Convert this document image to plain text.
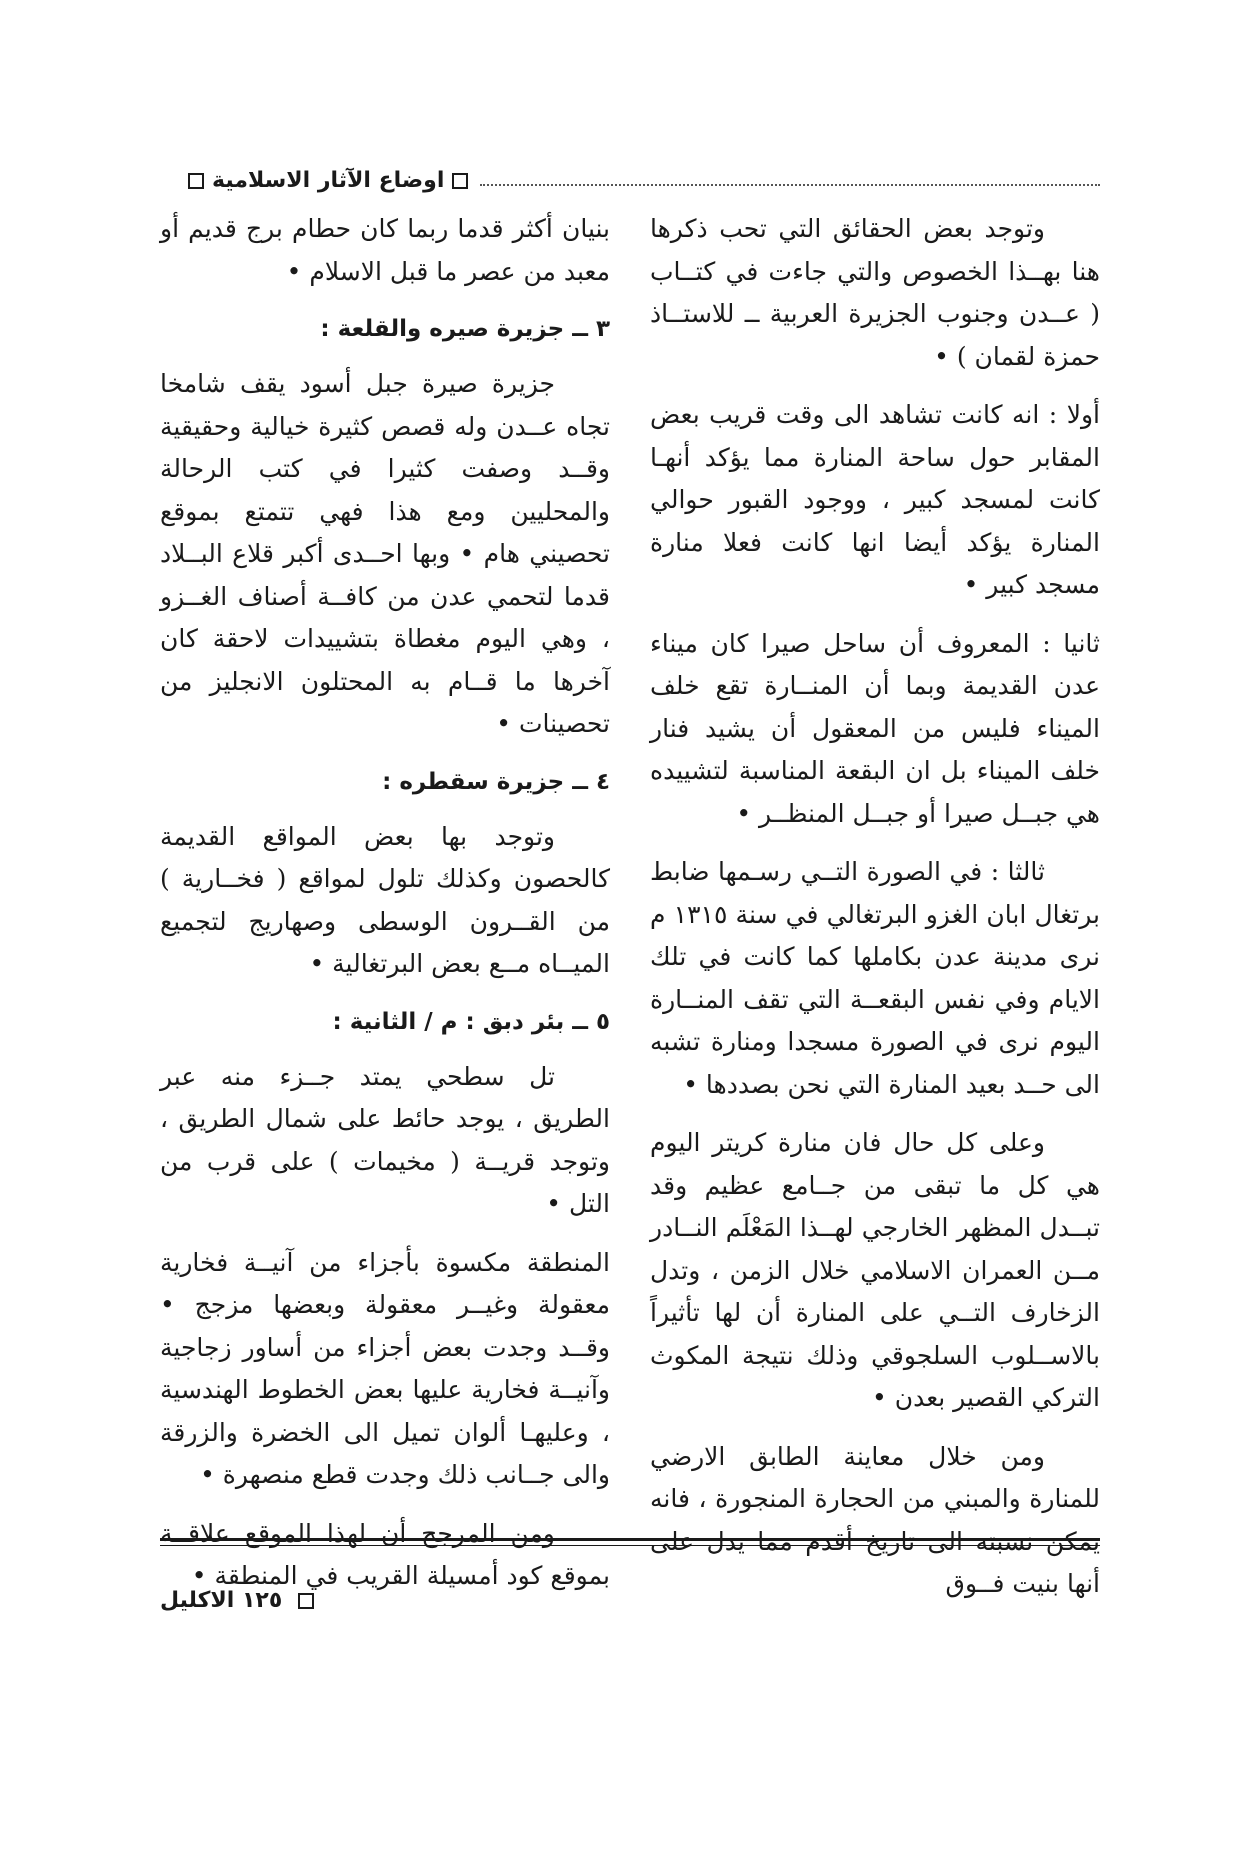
اوضاع الآثار الاسلامية

وتوجد بعض الحقائق التي تحب ذكرها هنا بهــذا الخصوص والتي جاءت في كتــاب ( عــدن وجنوب الجزيرة العربية ــ للاستــاذ حمزة لقمان ) •

أولا : انه كانت تشاهد الى وقت قريب بعض المقابر حول ساحة المنارة مما يؤكد أنهـا كانت لمسجد كبير ، ووجود القبور حوالي المنارة يؤكد أيضا انها كانت فعلا منارة مسجد كبير •

ثانيا : المعروف أن ساحل صيرا كان ميناء عدن القديمة وبما أن المنــارة تقع خلف الميناء فليس من المعقول أن يشيد فنار خلف الميناء بل ان البقعة المناسبة لتشييده هي جبــل صيرا أو جبــل المنظــر •

ثالثا : في الصورة التــي رسـمها ضابط برتغال ابان الغزو البرتغالي في سنة ١٣١٥ م نرى مدينة عدن بكاملها كما كانت في تلك الايام وفي نفس البقعــة التي تقف المنــارة اليوم نرى في الصورة مسجدا ومنارة تشبه الى حــد بعيد المنارة التي نحن بصددها •

وعلى كل حال فان منارة كريتر اليوم هي كل ما تبقى من جــامع عظيم وقد تبــدل المظهر الخارجي لهــذا المَعْلَم النــادر مــن العمران الاسلامي خلال الزمن ، وتدل الزخارف التــي على المنارة أن لها تأثيراً بالاســلوب السلجوقي وذلك نتيجة المكوث التركي القصير بعدن •

ومن خلال معاينة الطابق الارضي للمنارة والمبني من الحجارة المنجورة ، فانه يمكن نسبته الى تاريخ أقدم مما يدل على أنها بنيت فــوق

بنيان أكثر قدما ربما كان حطام برج قديم أو معبد من عصر ما قبل الاسلام •

٣ ــ جزيرة صيره والقلعة :

جزيرة صيرة جبل أسود يقف شامخا تجاه عــدن وله قصص كثيرة خيالية وحقيقية وقــد وصفت كثيرا في كتب الرحالة والمحليين ومع هذا فهي تتمتع بموقع تحصيني هام • وبها احــدى أكبر قلاع البــلاد قدما لتحمي عدن من كافــة أصناف الغــزو ، وهي اليوم مغطاة بتشييدات لاحقة كان آخرها ما قــام به المحتلون الانجليز من تحصينات •

٤ ــ جزيرة سقطره :

وتوجد بها بعض المواقع القديمة كالحصون وكذلك تلول لمواقع ( فخــارية ) من القــرون الوسطى وصهاريج لتجميع الميــاه مــع بعض البرتغالية •

٥ ــ بئر دبق : م / الثانية :

تل سطحي يمتد جــزء منه عبر الطريق ، يوجد حائط على شمال الطريق ، وتوجد قريــة ( مخيمات ) على قرب من التل •

المنطقة مكسوة بأجزاء من آنيــة فخارية معقولة وغيــر معقولة وبعضها مزجج • وقــد وجدت بعض أجزاء من أساور زجاجية وآنيــة فخارية عليها بعض الخطوط الهندسية ، وعليهـا ألوان تميل الى الخضرة والزرقة والى جــانب ذلك وجدت قطع منصهرة •

ومن المرجح أن لهذا الموقع علاقــة بموقع كود أمسيلة القريب في المنطقة •

١٢٥ الاكليل
